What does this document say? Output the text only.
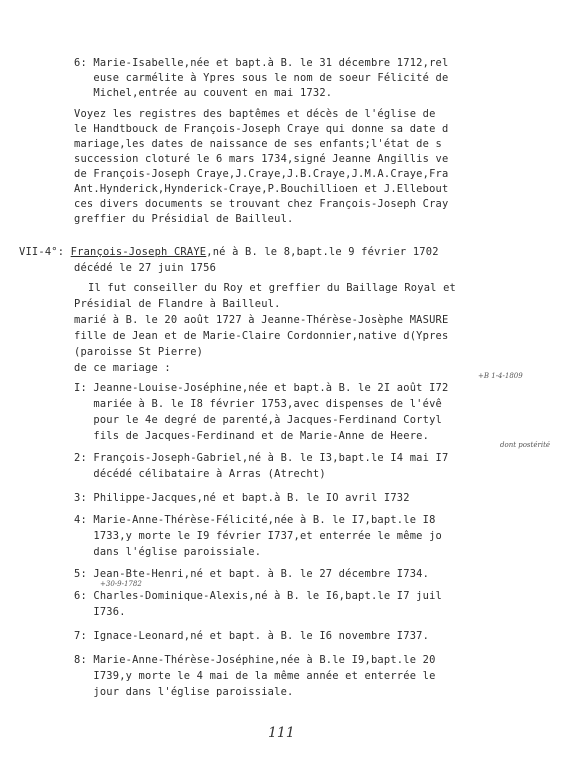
6: Marie-Isabelle,née et bapt.à B. le 31 décembre 1712,rel
euse carmélite à Ypres sous le nom de soeur Félicité de
Michel,entrée au couvent en mai 1732.
Voyez les registres des baptêmes et décès de l'église de
le Handtbouck de François-Joseph Craye qui donne sa date d
mariage,les dates de naissance de ses enfants;l'état de s
succession cloturé le 6 mars 1734,signé Jeanne Angillis ve
de François-Joseph Craye,J.Craye,J.B.Craye,J.M.A.Craye,Fra
Ant.Hynderick,Hynderick-Craye,P.Bouchillioen et J.Ellebout
ces divers documents se trouvant chez François-Joseph Cray
greffier du Présidial de Bailleul.
VII-4°: François-Joseph CRAYE,né à B. le 8,bapt.le 9 février 1702
décédé le 27 juin 1756
Il fut conseiller du Roy et greffier du Baillage Royal et
Présidial de Flandre à Bailleul.
marié à B. le 20 août 1727 à Jeanne-Thérèse-Josèphe MASURE
fille de Jean et de Marie-Claire Cordonnier,native d(Ypres
(paroisse St Pierre)
de ce mariage :
I: Jeanne-Louise-Joséphine,née et bapt.à B. le 2I août I72
mariée à B. le I8 février 1753,avec dispenses de l'évê
pour le 4e degré de parenté,à Jacques-Ferdinand Cortyl
fils de Jacques-Ferdinand et de Marie-Anne de Heere.
2: François-Joseph-Gabriel,né à B. le I3,bapt.le I4 mai I7
décédé célibataire à Arras (Atrecht)
3: Philippe-Jacques,né et bapt.à B. le IO avril I732
4: Marie-Anne-Thérèse-Félicité,née à B. le I7,bapt.le I8
1733,y morte le I9 février I737,et enterrée le même jo
dans l'église paroissiale.
5: Jean-Bte-Henri,né et bapt. à B. le 27 décembre I734.
6: Charles-Dominique-Alexis,né à B. le I6,bapt.le I7 juil
I736.
7: Ignace-Leonard,né et bapt. à B. le I6 novembre I737.
8: Marie-Anne-Thérèse-Joséphine,née à B.le I9,bapt.le 20
I739,y morte le 4 mai de la même année et enterrée le
jour dans l'église paroissiale.
+B 1-4-1809
dont postérité
+30-9-1782
111
